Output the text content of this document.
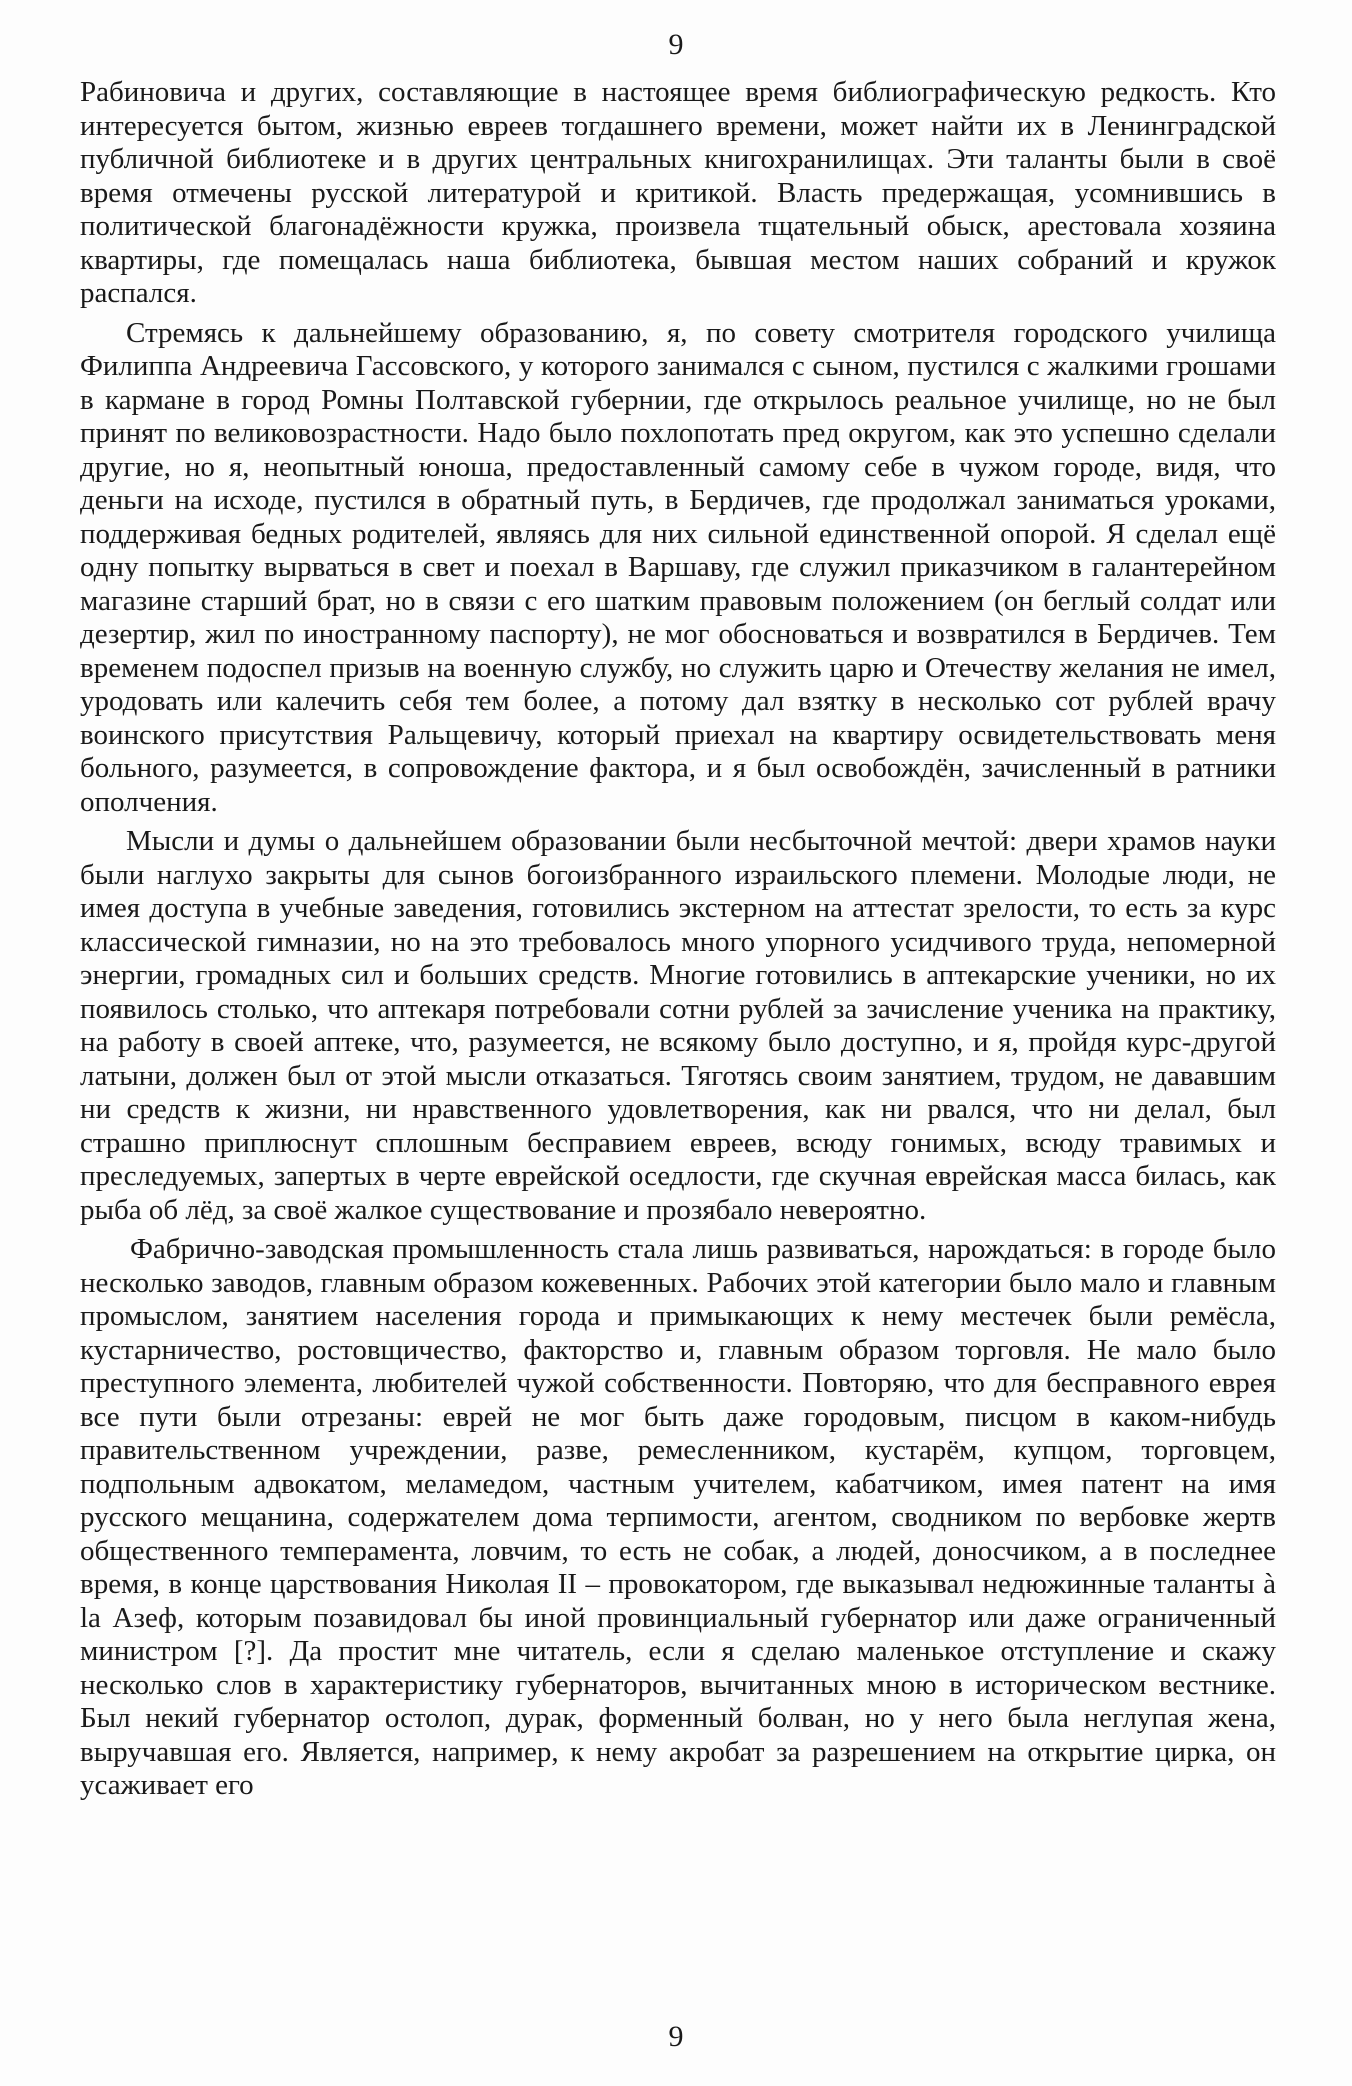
9

Рабиновича и других, составляющие в настоящее время библиографическую редкость. Кто интересуется бытом, жизнью евреев тогдашнего времени, может найти их в Ленинградской публичной библиотеке и в других центральных книгохранилищах. Эти таланты были в своё время отмечены русской литературой и критикой. Власть предержащая, усомнившись в политической благонадёжности кружка, произвела тщательный обыск, арестовала хозяина квартиры, где помещалась наша библиотека, бывшая местом наших собраний и кружок распался.

Стремясь к дальнейшему образованию, я, по совету смотрителя городского училища Филиппа Андреевича Гассовского, у которого занимался с сыном, пустился с жалкими грошами в кармане в город Ромны Полтавской губернии, где открылось реальное училище, но не был принят по великовозрастности. Надо было похлопотать пред округом, как это успешно сделали другие, но я, неопытный юноша, предоставленный самому себе в чужом городе, видя, что деньги на исходе, пустился в обратный путь, в Бердичев, где продолжал заниматься уроками, поддерживая бедных родителей, являясь для них сильной единственной опорой. Я сделал ещё одну попытку вырваться в свет и поехал в Варшаву, где служил приказчиком в галантерейном магазине старший брат, но в связи с его шатким правовым положением (он беглый солдат или дезертир, жил по иностранному паспорту), не мог обосноваться и возвратился в Бердичев. Тем временем подоспел призыв на военную службу, но служить царю и Отечеству желания не имел, уродовать или калечить себя тем более, а потому дал взятку в несколько сот рублей врачу воинского присутствия Ральщевичу, который приехал на квартиру освидетельствовать меня больного, разумеется, в сопровождение фактора, и я был освобождён, зачисленный в ратники ополчения.

Мысли и думы о дальнейшем образовании были несбыточной мечтой: двери храмов науки были наглухо закрыты для сынов богоизбранного израильского племени. Молодые люди, не имея доступа в учебные заведения, готовились экстерном на аттестат зрелости, то есть за курс классической гимназии, но на это требовалось много упорного усидчивого труда, непомерной энергии, громадных сил и больших средств. Многие готовились в аптекарские ученики, но их появилось столько, что аптекаря потребовали сотни рублей за зачисление ученика на практику, на работу в своей аптеке, что, разумеется, не всякому было доступно, и я, пройдя курс-другой латыни, должен был от этой мысли отказаться. Тяготясь своим занятием, трудом, не дававшим ни средств к жизни, ни нравственного удовлетворения, как ни рвался, что ни делал, был страшно приплюснут сплошным бесправием евреев, всюду гонимых, всюду травимых и преследуемых, запертых в черте еврейской оседлости, где скучная еврейская масса билась, как рыба об лёд, за своё жалкое существование и прозябало невероятно.

Фабрично-заводская промышленность стала лишь развиваться, нарождаться: в городе было несколько заводов, главным образом кожевенных. Рабочих этой категории было мало и главным промыслом, занятием населения города и примыкающих к нему местечек были ремёсла, кустарничество, ростовщичество, факторство и, главным образом торговля. Не мало было преступного элемента, любителей чужой собственности. Повторяю, что для бесправного еврея все пути были отрезаны: еврей не мог быть даже городовым, писцом в каком-нибудь правительственном учреждении, разве, ремесленником, кустарём, купцом, торговцем, подпольным адвокатом, меламедом, частным учителем, кабатчиком, имея патент на имя русского мещанина, содержателем дома терпимости, агентом, сводником по вербовке жертв общественного темперамента, ловчим, то есть не собак, а людей, доносчиком, а в последнее время, в конце царствования Николая II – провокатором, где выказывал недюжинные таланты à la Азеф, которым позавидовал бы иной провинциальный губернатор или даже ограниченный министром [?]. Да простит мне читатель, если я сделаю маленькое отступление и скажу несколько слов в характеристику губернаторов, вычитанных мною в историческом вестнике. Был некий губернатор остолоп, дурак, форменный болван, но у него была неглупая жена, выручавшая его. Является, например, к нему акробат за разрешением на открытие цирка, он усаживает его

9
